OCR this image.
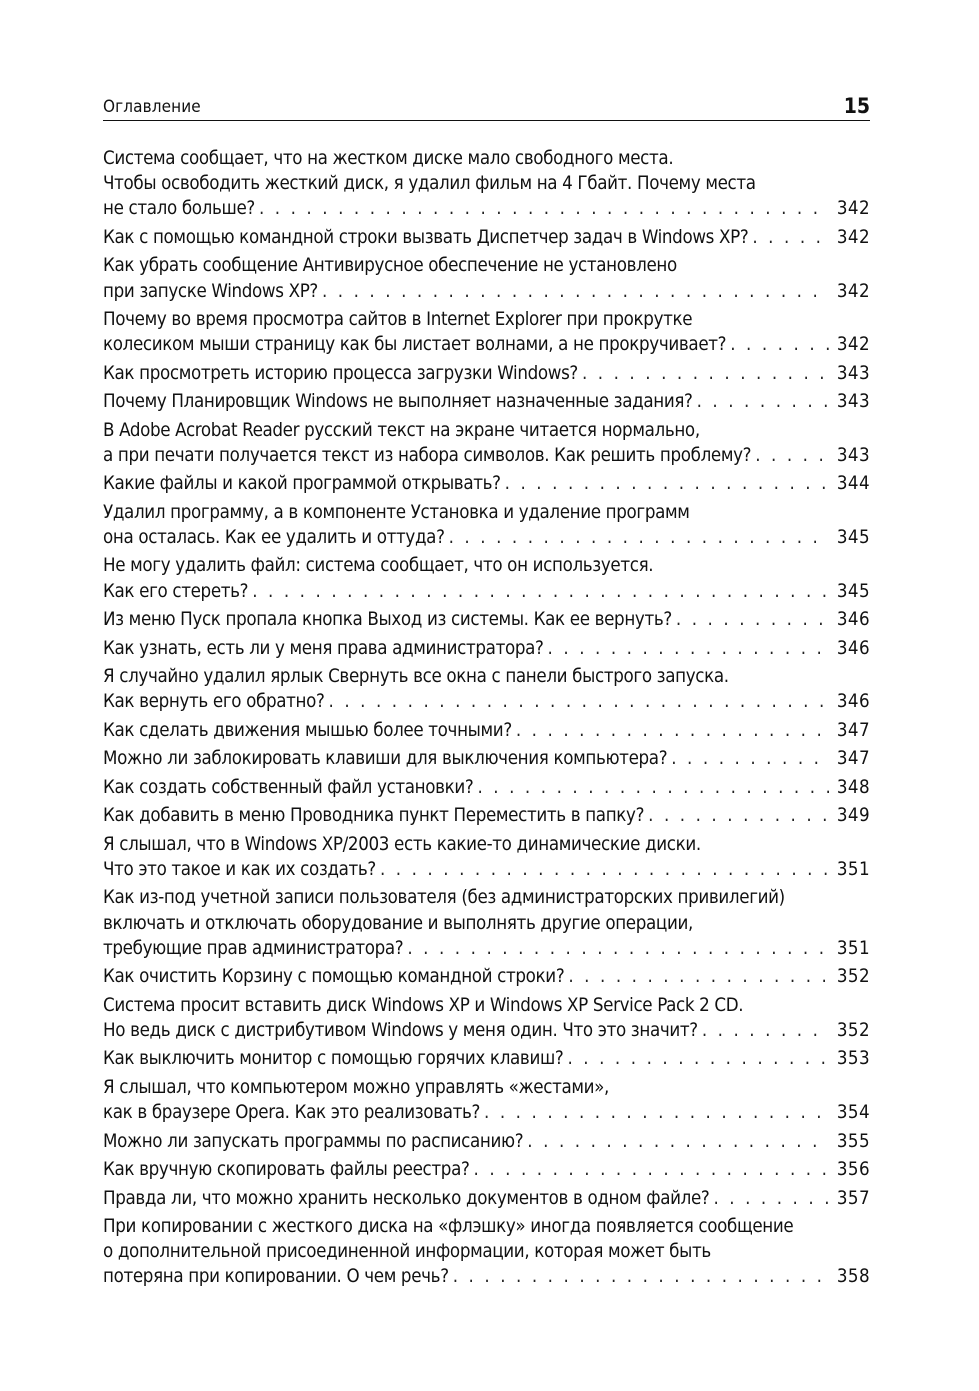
Оглавление	15
Система сообщает, что на жестком диске мало свободного места.
Чтобы освободить жесткий диск, я удалил фильм на 4 Гбайт. Почему места
не стало больше? . . .	342
Как с помощью командной строки вызвать Диспетчер задач в Windows XP? . . .	342
Как убрать сообщение Антивирусное обеспечение не установлено
при запуске Windows XP? . . .	342
Почему во время просмотра сайтов в Internet Explorer при прокрутке
колесиком мыши страницу как бы листает волнами, а не прокручивает? . . .	342
Как просмотреть историю процесса загрузки Windows? . . .	343
Почему Планировщик Windows не выполняет назначенные задания? . . .	343
В Adobe Acrobat Reader русский текст на экране читается нормально,
а при печати получается текст из набора символов. Как решить проблему? . . .	343
Какие файлы и какой программой открывать? . . .	344
Удалил программу, а в компоненте Установка и удаление программ
она осталась. Как ее удалить и оттуда? . . .	345
Не могу удалить файл: система сообщает, что он используется.
Как его стереть? . . .	345
Из меню Пуск пропала кнопка Выход из системы. Как ее вернуть? . . .	346
Как узнать, есть ли у меня права администратора? . . .	346
Я случайно удалил ярлык Свернуть все окна с панели быстрого запуска.
Как вернуть его обратно? . . .	346
Как сделать движения мышью более точными? . . .	347
Можно ли заблокировать клавиши для выключения компьютера? . . .	347
Как создать собственный файл установки? . . .	348
Как добавить в меню Проводника пункт Переместить в папку? . . .	349
Я слышал, что в Windows XP/2003 есть какие-то динамические диски.
Что это такое и как их создать? . . .	351
Как из-под учетной записи пользователя (без администраторских привилегий)
включать и отключать оборудование и выполнять другие операции,
требующие прав администратора? . . .	351
Как очистить Корзину с помощью командной строки? . . .	352
Система просит вставить диск Windows XP и Windows XP Service Pack 2 CD.
Но ведь диск с дистрибутивом Windows у меня один. Что это значит? . . .	352
Как выключить монитор с помощью горячих клавиш? . . .	353
Я слышал, что компьютером можно управлять «жестами»,
как в браузере Opera. Как это реализовать? . . .	354
Можно ли запускать программы по расписанию? . . .	355
Как вручную скопировать файлы реестра? . . .	356
Правда ли, что можно хранить несколько документов в одном файле? . . .	357
При копировании с жесткого диска на «флэшку» иногда появляется сообщение
о дополнительной присоединенной информации, которая может быть
потеряна при копировании. О чем речь? . . .	358
